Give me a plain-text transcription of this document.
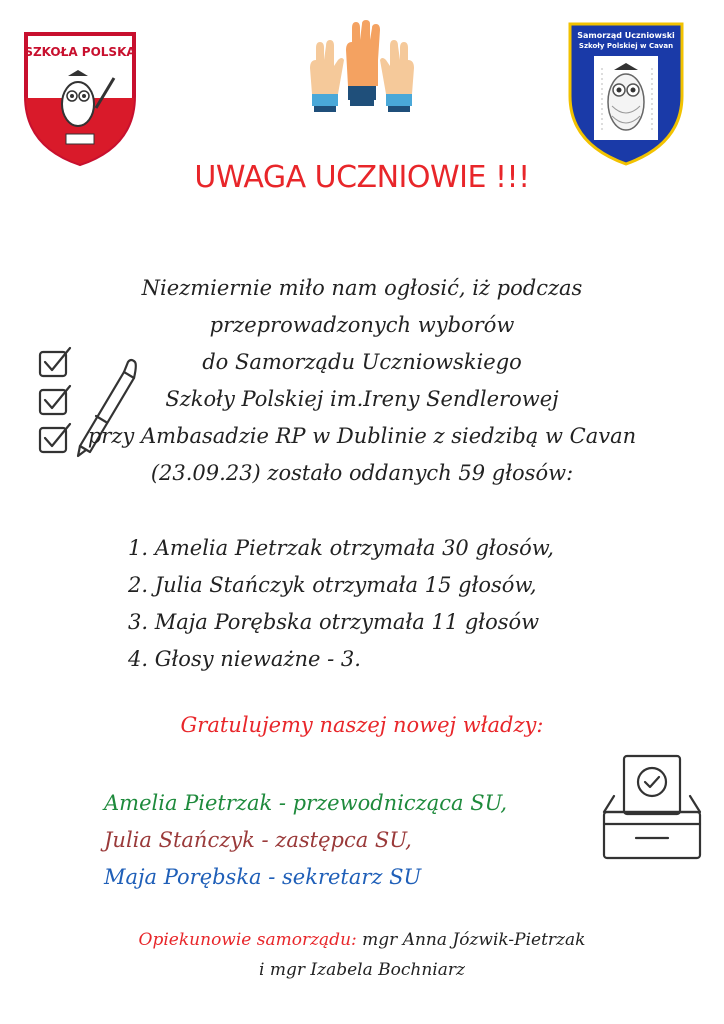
SZKOŁA POLSKA
Samorząd Uczniowski
Szkoły Polskiej w Cavan
UWAGA UCZNIOWIE !!!
Niezmiernie miło nam ogłosić, iż podczas
przeprowadzonych wyborów
do Samorządu Uczniowskiego
Szkoły Polskiej im.Ireny Sendlerowej
przy Ambasadzie RP w Dublinie z siedzibą w Cavan
(23.09.23) zostało oddanych 59 głosów:
1. Amelia Pietrzak otrzymała 30 głosów,
2. Julia Stańczyk otrzymała 15 głosów,
3. Maja Porębska otrzymała 11 głosów
4. Głosy nieważne - 3.
Gratulujemy naszej nowej władzy:
Amelia Pietrzak - przewodnicząca SU,
Julia Stańczyk - zastępca SU,
Maja Porębska - sekretarz SU
Opiekunowie samorządu: mgr Anna Józwik-Pietrzak
i mgr Izabela Bochniarz
